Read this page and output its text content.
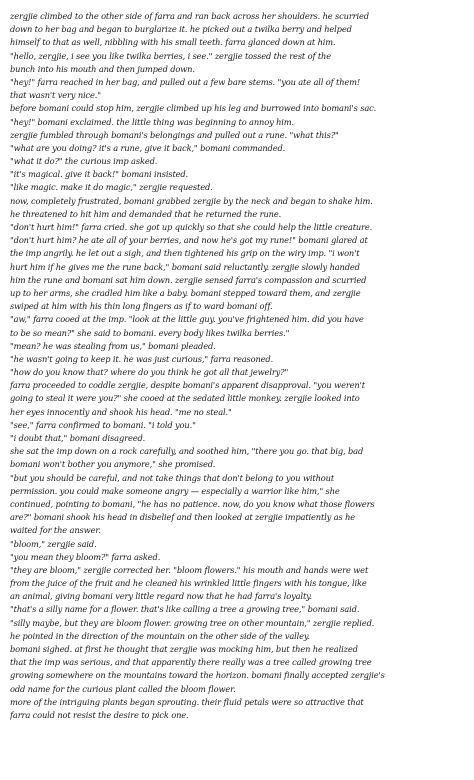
zergjie climbed to the other side of farra and ran back across her shoulders. he scurried
down to her bag and began to burglarize it. he picked out a twilka berry and helped
himself to that as well, nibbling with his small teeth. farra glanced down at him.
"hello, zergjie, i see you like twilka berries, i see." zergjie tossed the rest of the
bunch into his mouth and then jumped down.
"hey!" farra reached in her bag, and pulled out a few bare stems. "you ate all of them!
that wasn't very nice."
before bomani could stop him, zergjie climbed up his leg and burrowed into bomani's sac.
"hey!" bomani exclaimed. the little thing was beginning to annoy him.
zergjie fumbled through bomani's belongings and pulled out a rune. "what this?"
"what are you doing? it's a rune, give it back," bomani commanded.
"what it do?" the curious imp asked.
"it's magical. give it back!" bomani insisted.
"like magic. make it do magic," zergjie requested.
now, completely frustrated, bomani grabbed zergjie by the neck and began to shake him.
he threatened to hit him and demanded that he returned the rune.
"don't hurt him!" farra cried. she got up quickly so that she could help the little creature.
"don't hurt him? he ate all of your berries, and now he's got my rune!" bomani glared at
the imp angrily. he let out a sigh, and then tightened his grip on the wiry imp. "i won't
hurt him if he gives me the rune back," bomani said reluctantly. zergjie slowly handed
him the rune and bomani sat him down. zergjie sensed farra's compassion and scurried
up to her arms, she cradled him like a baby. bomani stepped toward them, and zergjie
swiped at him with his thin long fingers as if to ward bomani off.
"aw," farra cooed at the imp. "look at the little guy. you've frightened him. did you have
to be so mean?" she said to bomani. every body likes twilka berries."
"mean? he was stealing from us," bomani pleaded.
"he wasn't going to keep it. he was just curious," farra reasoned.
"how do you know that? where do you think he got all that jewelry?"
farra proceeded to coddle zergjie, despite bomani's apparent disapproval. "you weren't
going to steal it were you?" she cooed at the sedated little monkey. zergjie looked into
her eyes innocently and shook his head. "me no steal."
"see," farra confirmed to bomani. "i told you."
"i doubt that," bomani disagreed.
she sat the imp down on a rock carefully, and soothed him, "there you go. that big, bad
bomani won't bother you anymore," she promised.
"but you should be careful, and not take things that don't belong to you without
permission. you could make someone angry — especially a warrior like him," she
continued, pointing to bomani, "he has no patience. now, do you know what those flowers
are?" bomani shook his head in disbelief and then looked at zergjie impatiently as he
waited for the answer.
"bloom," zergjie said.
"you mean they bloom?" farra asked.
"they are bloom," zergjie corrected her. "bloom flowers." his mouth and hands were wet
from the juice of the fruit and he cleaned his wrinkled little fingers with his tongue, like
an animal, giving bomani very little regard now that he had farra's loyalty.
"that's a silly name for a flower. that's like calling a tree a growing tree," bomani said.
"silly maybe, but they are bloom flower. growing tree on other mountain," zergjie replied.
he pointed in the direction of the mountain on the other side of the valley.
bomani sighed. at first he thought that zergjie was mocking him, but then he realized
that the imp was serious, and that apparently there really was a tree called growing tree
growing somewhere on the mountains toward the horizon. bomani finally accepted zergjie's
odd name for the curious plant called the bloom flower.
more of the intriguing plants began sprouting. their fluid petals were so attractive that
farra could not resist the desire to pick one.
